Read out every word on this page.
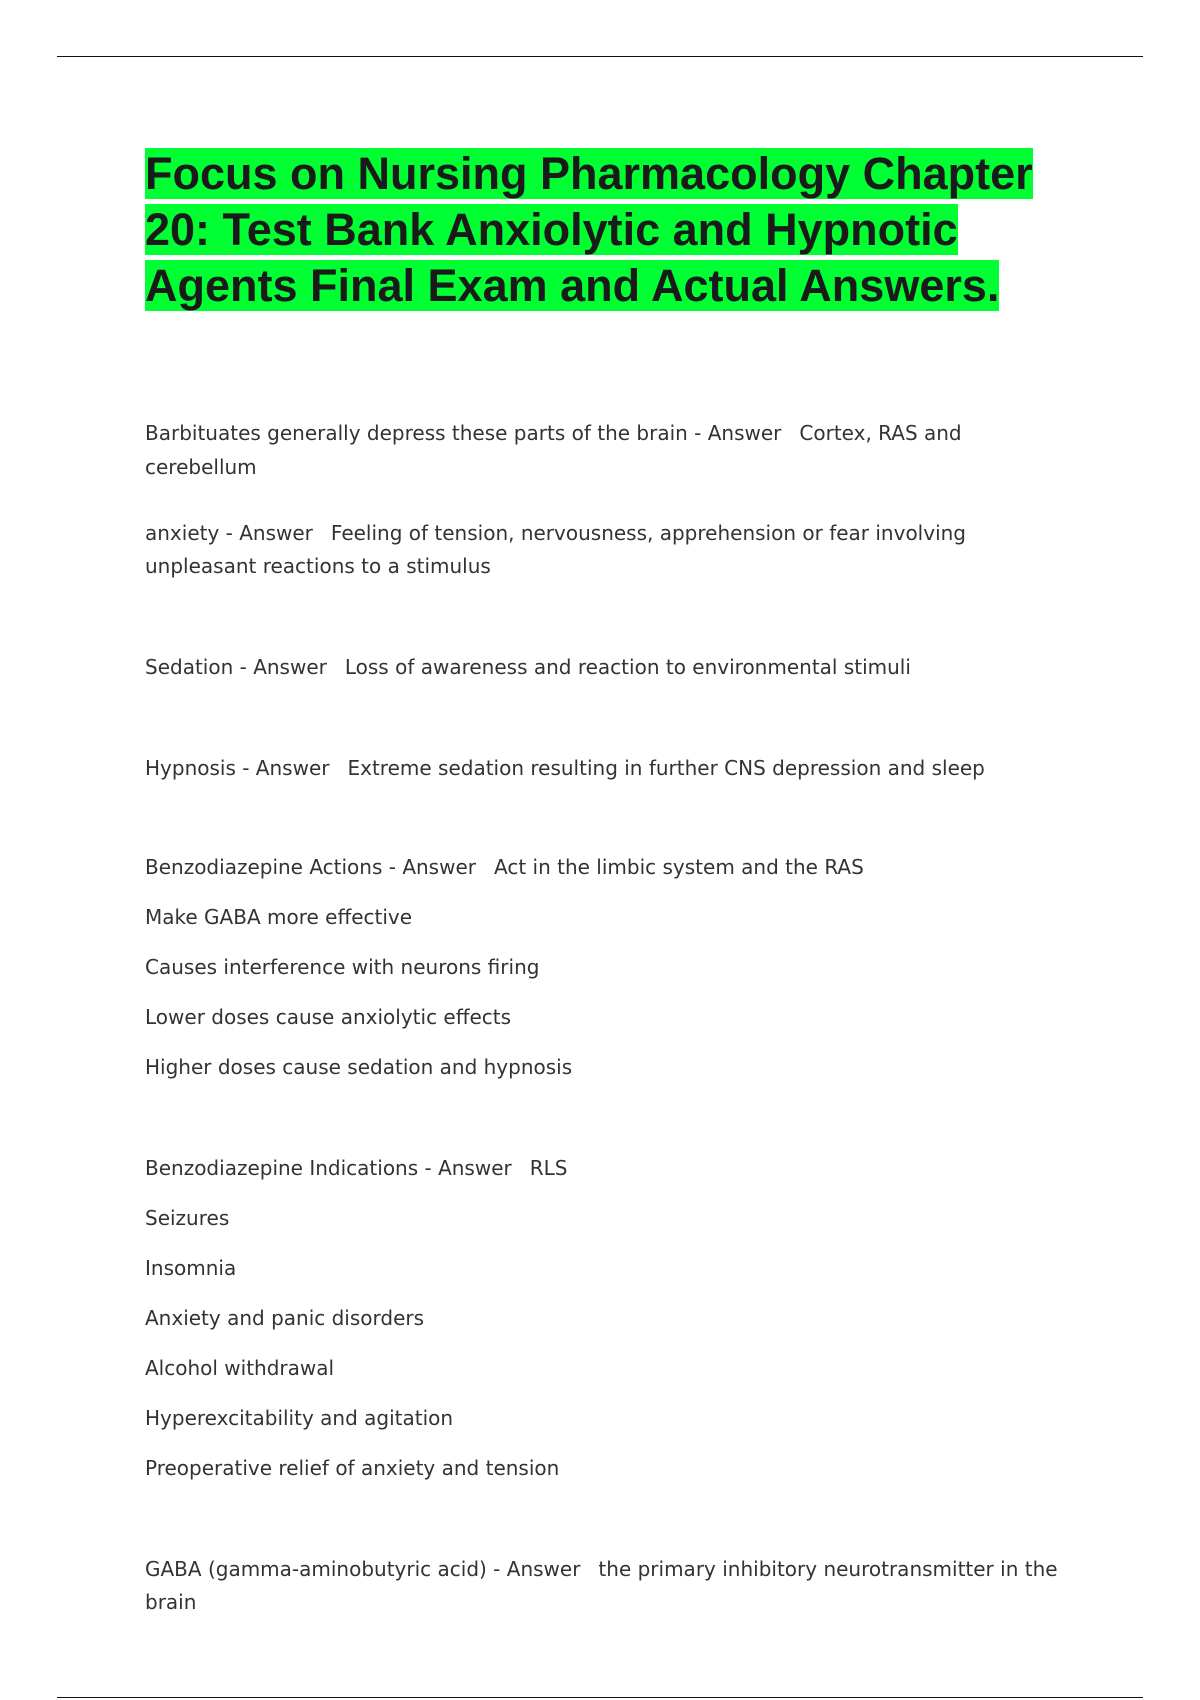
Focus on Nursing Pharmacology Chapter 20: Test Bank Anxiolytic and Hypnotic Agents Final Exam and Actual Answers.

Barbituates generally depress these parts of the brain - Answer Cortex, RAS and cerebellum

anxiety - Answer Feeling of tension, nervousness, apprehension or fear involving unpleasant reactions to a stimulus

Sedation - Answer Loss of awareness and reaction to environmental stimuli

Hypnosis - Answer Extreme sedation resulting in further CNS depression and sleep

Benzodiazepine Actions - Answer Act in the limbic system and the RAS

Make GABA more effective

Causes interference with neurons firing

Lower doses cause anxiolytic effects

Higher doses cause sedation and hypnosis

Benzodiazepine Indications - Answer RLS

Seizures

Insomnia

Anxiety and panic disorders

Alcohol withdrawal

Hyperexcitability and agitation

Preoperative relief of anxiety and tension

GABA (gamma-aminobutyric acid) - Answer the primary inhibitory neurotransmitter in the brain
